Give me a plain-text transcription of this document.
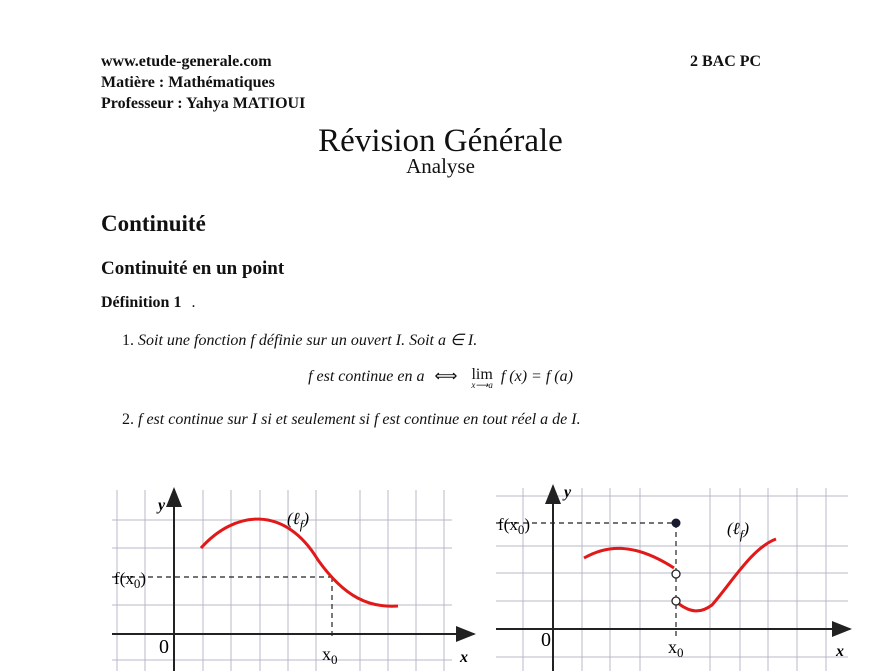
www.etude-generale.com
Matière : Mathématiques
Professeur : Yahya MATIOUI
2 BAC PC
Révision Générale
Analyse
Continuité
Continuité en un point
Définition 1 .
1. Soit une fonction f définie sur un ouvert I. Soit a ∈ I.
f est continue en a ⟺ lim
x⟶a f (x) = f (a)
2. f est continue sur I si et seulement si f est continue en tout réel a de I.
y
x
0
$f(x_0)$
$x_0$
(ℓ$_f$)
y
x
0
$f(x_0)$
$x_0$
(ℓ$_f$)
